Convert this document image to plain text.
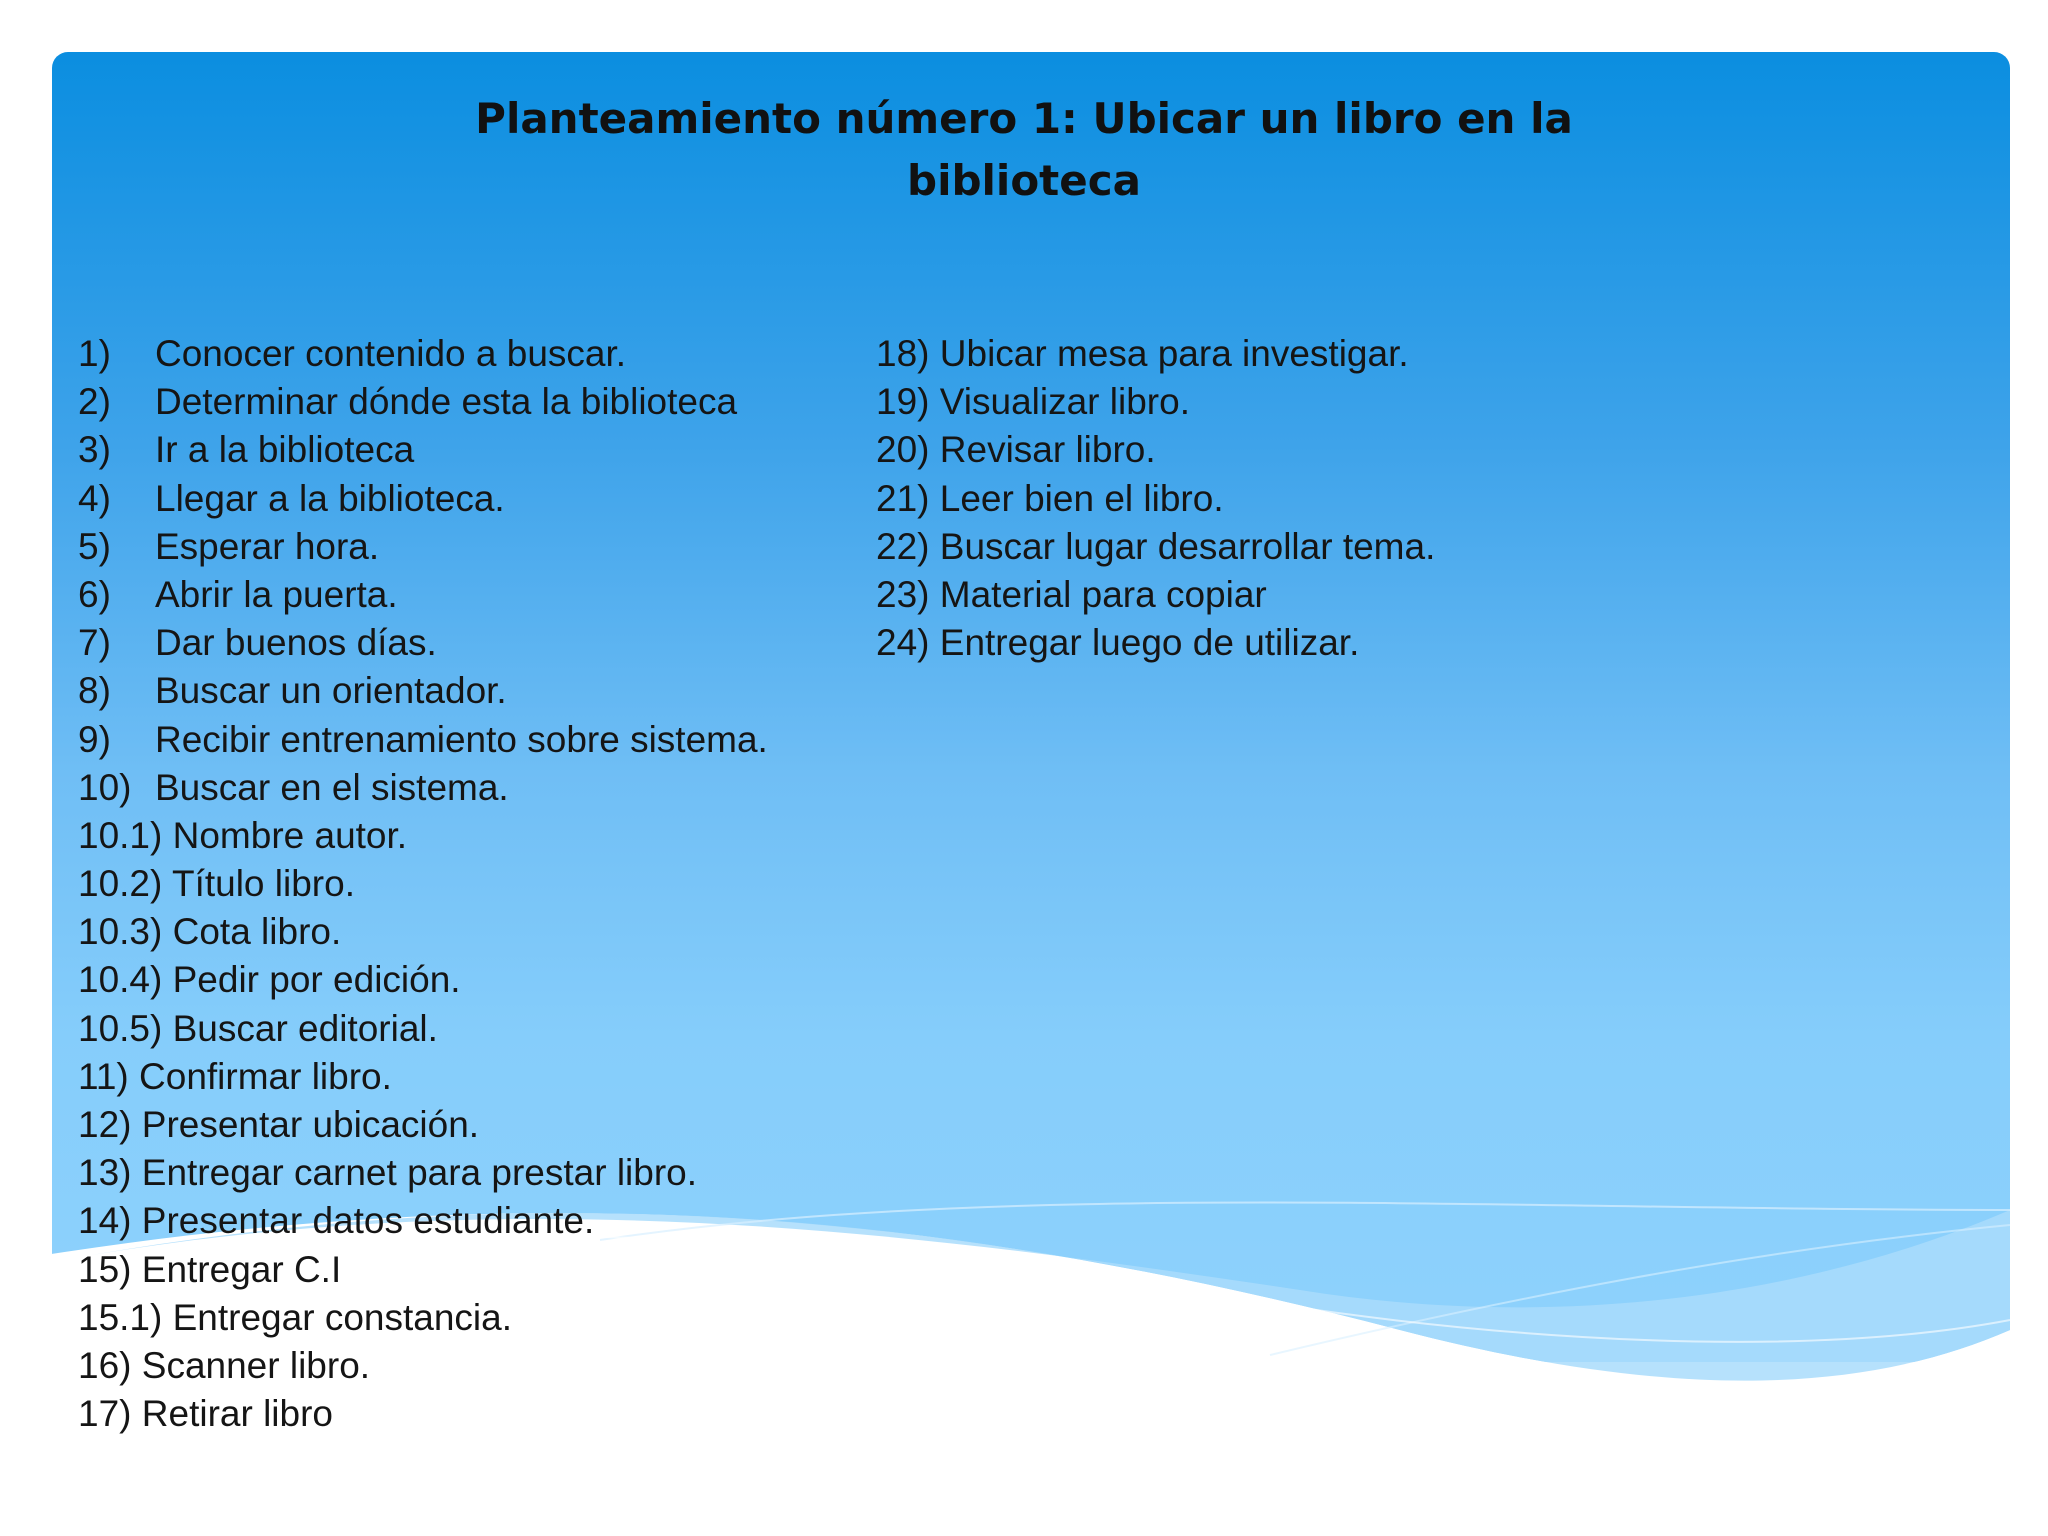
Planteamiento número 1: Ubicar un libro en la
biblioteca
1) Conocer contenido a buscar.
2) Determinar dónde esta la biblioteca
3) Ir a la biblioteca
4) Llegar a la biblioteca.
5) Esperar hora.
6) Abrir la puerta.
7) Dar buenos días.
8) Buscar un orientador.
9) Recibir entrenamiento sobre sistema.
10) Buscar en el sistema.
10.1) Nombre autor.
10.2) Título libro.
10.3) Cota libro.
10.4) Pedir por edición.
10.5) Buscar editorial.
11) Confirmar libro.
12) Presentar ubicación.
13) Entregar carnet para prestar libro.
14) Presentar datos estudiante.
15) Entregar C.I
15.1) Entregar constancia.
16) Scanner libro.
17) Retirar libro
18) Ubicar mesa para investigar.
19) Visualizar libro.
20) Revisar libro.
21) Leer bien el libro.
22) Buscar lugar desarrollar tema.
23) Material para copiar
24) Entregar luego de utilizar.
